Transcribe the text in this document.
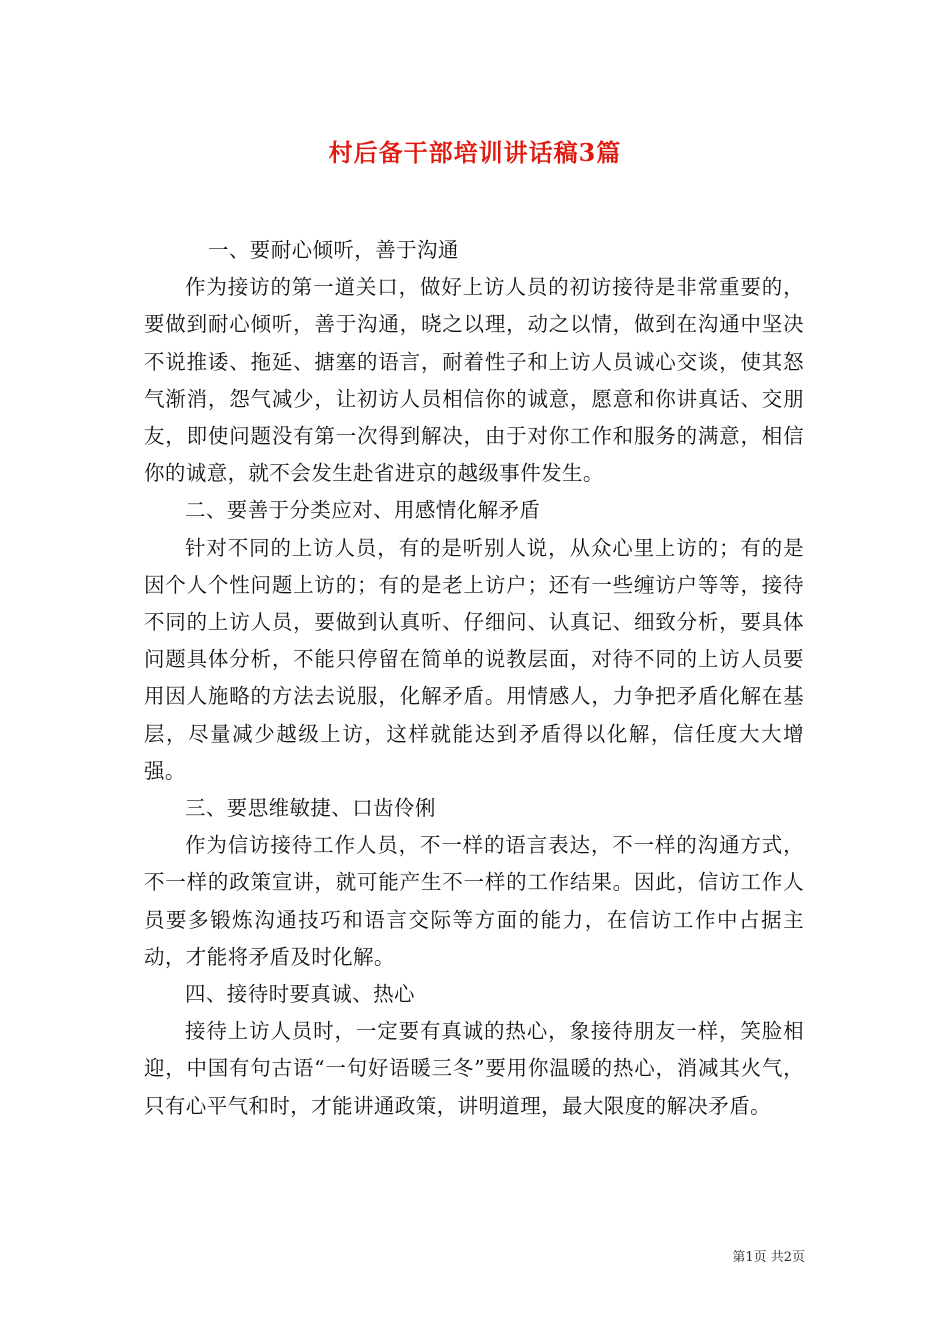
村后备干部培训讲话稿3篇

一、要耐心倾听，善于沟通

作为接访的第一道关口，做好上访人员的初访接待是非常重要的，要做到耐心倾听，善于沟通，晓之以理，动之以情，做到在沟通中坚决不说推诿、拖延、搪塞的语言，耐着性子和上访人员诚心交谈，使其怒气渐消，怨气减少，让初访人员相信你的诚意，愿意和你讲真话、交朋友，即使问题没有第一次得到解决，由于对你工作和服务的满意，相信你的诚意，就不会发生赴省进京的越级事件发生。

二、要善于分类应对、用感情化解矛盾

针对不同的上访人员，有的是听别人说，从众心里上访的；有的是因个人个性问题上访的；有的是老上访户；还有一些缠访户等等，接待不同的上访人员，要做到认真听、仔细问、认真记、细致分析，要具体问题具体分析，不能只停留在简单的说教层面，对待不同的上访人员要用因人施略的方法去说服，化解矛盾。用情感人，力争把矛盾化解在基层，尽量减少越级上访，这样就能达到矛盾得以化解，信任度大大增强。

三、要思维敏捷、口齿伶俐

作为信访接待工作人员，不一样的语言表达，不一样的沟通方式，不一样的政策宣讲，就可能产生不一样的工作结果。因此，信访工作人员要多锻炼沟通技巧和语言交际等方面的能力，在信访工作中占据主动，才能将矛盾及时化解。

四、接待时要真诚、热心

接待上访人员时，一定要有真诚的热心，象接待朋友一样，笑脸相迎，中国有句古语“一句好语暖三冬”要用你温暖的热心，消减其火气，只有心平气和时，才能讲通政策，讲明道理，最大限度的解决矛盾。

第1页 共2页
